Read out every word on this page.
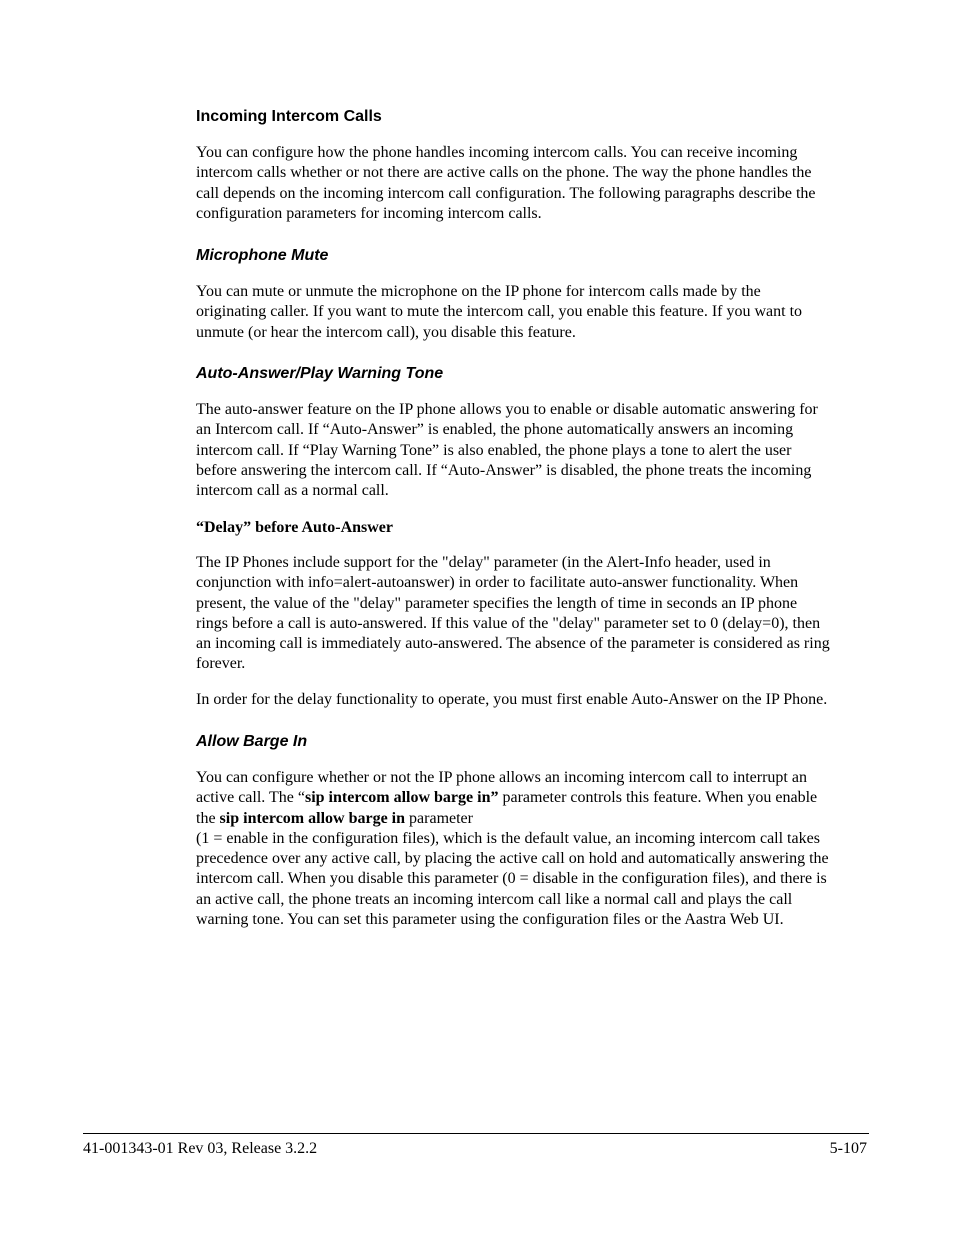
Incoming Intercom Calls

You can configure how the phone handles incoming intercom calls. You can receive incoming
intercom calls whether or not there are active calls on the phone. The way the phone handles the
call depends on the incoming intercom call configuration. The following paragraphs describe the
configuration parameters for incoming intercom calls.

Microphone Mute

You can mute or unmute the microphone on the IP phone for intercom calls made by the
originating caller. If you want to mute the intercom call, you enable this feature. If you want to
unmute (or hear the intercom call), you disable this feature.

Auto-Answer/Play Warning Tone

The auto-answer feature on the IP phone allows you to enable or disable automatic answering for
an Intercom call. If “Auto-Answer” is enabled, the phone automatically answers an incoming
intercom call. If “Play Warning Tone” is also enabled, the phone plays a tone to alert the user
before answering the intercom call. If “Auto-Answer” is disabled, the phone treats the incoming
intercom call as a normal call.

“Delay” before Auto-Answer

The IP Phones include support for the "delay" parameter (in the Alert-Info header, used in
conjunction with info=alert-autoanswer) in order to facilitate auto-answer functionality. When
present, the value of the "delay" parameter specifies the length of time in seconds an IP phone
rings before a call is auto-answered. If this value of the "delay" parameter set to 0 (delay=0), then
an incoming call is immediately auto-answered. The absence of the parameter is considered as ring
forever.

In order for the delay functionality to operate, you must first enable Auto-Answer on the IP Phone.

Allow Barge In

You can configure whether or not the IP phone allows an incoming intercom call to interrupt an
active call. The “sip intercom allow barge in” parameter controls this feature. When you enable
the sip intercom allow barge in parameter
(1 = enable in the configuration files), which is the default value, an incoming intercom call takes
precedence over any active call, by placing the active call on hold and automatically answering the
intercom call. When you disable this parameter (0 = disable in the configuration files), and there is
an active call, the phone treats an incoming intercom call like a normal call and plays the call
warning tone. You can set this parameter using the configuration files or the Aastra Web UI.

41-001343-01 Rev 03, Release 3.2.2	5-107
